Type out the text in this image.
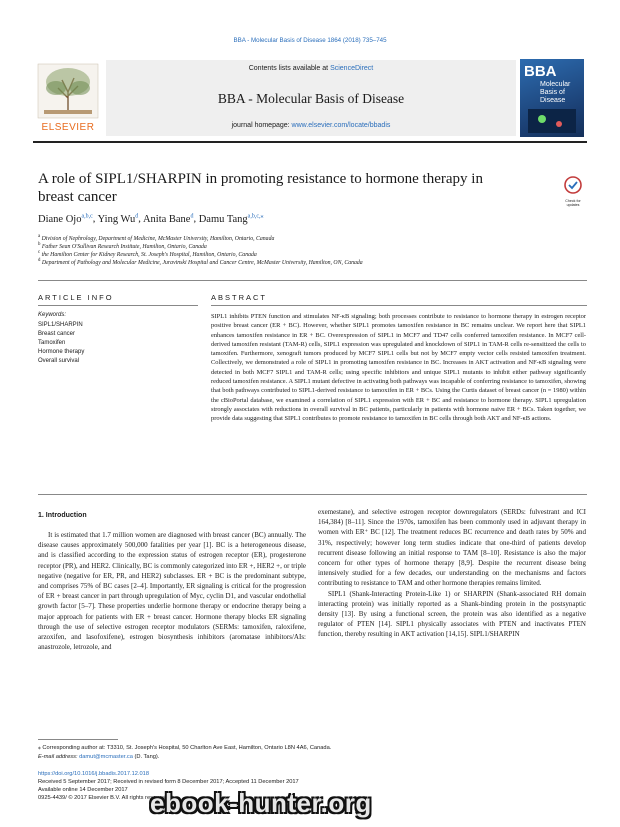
BBA - Molecular Basis of Disease 1864 (2018) 735–745
ELSEVIER
Contents lists available at ScienceDirect
BBA - Molecular Basis of Disease
journal homepage: www.elsevier.com/locate/bbadis
BBA
Molecular
Basis of
Disease
A role of SIPL1/SHARPIN in promoting resistance to hormone therapy in breast cancer	Check for updates
Diane Ojo$^{a,b,c}$, Ying Wu$^d$, Anita Bane$^d$, Damu Tang$^{a,b,c,⁎}$
$^a$ Division of Nephrology, Department of Medicine, McMaster University, Hamilton, Ontario, Canada
$^b$ Father Sean O'Sullivan Research Institute, Hamilton, Ontario, Canada
$^c$ the Hamilton Center for Kidney Research, St. Joseph's Hospital, Hamilton, Ontario, Canada
$^d$ Department of Pathology and Molecular Medicine, Juravinski Hospital and Cancer Centre, McMaster University, Hamilton, ON, Canada
ARTICLE INFO	ABSTRACT
Keywords:
SIPL1/SHARPIN
Breast cancer
Tamoxifen
Hormone therapy
Overall survival
SIPL1 inhibits PTEN function and stimulates NF-κB signaling; both processes contribute to resistance to hormone therapy in estrogen receptor positive breast cancer (ER + BC). However, whether SIPL1 promotes tamoxifen resistance in BC remains unclear. We report here that SIPL1 enhances tamoxifen resistance in ER + BC. Overexpression of SIPL1 in MCF7 and TD47 cells conferred tamoxifen resistance. In MCF7 cell-derived tamoxifen resistant (TAM-R) cells, SIPL1 expression was upregulated and knockdown of SIPL1 in TAM-R cells re-sensitized the cells to tamoxifen. Furthermore, xenograft tumors produced by MCF7 SIPL1 cells but not by MCF7 empty vector cells resisted tamoxifen treatment. Collectively, we demonstrated a role of SIPL1 in promoting tamoxifen resistance in BC. Increases in AKT activation and NF-κB signaling were detected in both MCF7 SIPL1 and TAM-R cells; using specific inhibitors and unique SIPL1 mutants to inhibit either pathway significantly reduced tamoxifen resistance. A SIPL1 mutant defective in activating both pathways was incapable of conferring resistance to tamoxifen, showing that both pathways contributed to SIPL1-derived resistance to tamoxifen in ER + BCs. Using the Curtis dataset of breast cancer (n = 1980) within the cBioPortal database, we examined a correlation of SIPL1 expression with ER + BC and resistance to hormone therapy. SIPL1 upregulation strongly associates with reductions in overall survival in BC patients, particularly in patients with hormone naive ER + BCs. Taken together, we provide data suggesting that SIPL1 contributes to promote resistance to tamoxifen in BC cells through both AKT and NF-κB actions.
1. Introduction

It is estimated that 1.7 million women are diagnosed with breast cancer (BC) annually. The disease causes approximately 500,000 fatalities per year [1]. BC is a heterogeneous disease, and is classified according to the expression status of estrogen receptor (ER), progesterone receptor (PR), and HER2. Clinically, BC is commonly categorized into ER +, HER2 +, or triple negative (negative for ER, PR, and HER2) subclasses. ER + BC is the predominant subtype, and comprises 75% of BC cases [2–4]. Importantly, ER signaling is critical for the progression of ER + breast cancer in part through upregulation of Myc, cyclin D1, and vascular endothelial growth factor [5–7]. These properties underlie hormone therapy or endocrine therapy being a major approach for patients with ER + breast cancer. Hormone therapy blocks ER signaling through the use of selective estrogen receptor modulators (SERMs: tamoxifen, raloxifene, arzoxifen, and lasofoxifene), estrogen biosynthesis inhibitors (aromatase inhibitors/AIs: anastrozole, letrozole, and

exemestane), and selective estrogen receptor downregulators (SERDs: fulvestrant and ICI 164,384) [8–11]. Since the 1970s, tamoxifen has been commonly used in adjuvant therapy in women with ER⁺ BC [12]. The treatment reduces BC recurrence and death rates by 50% and 31%, respectively; however long term studies indicate that one-third of patients develop recurrent disease following an initial response to TAM [8–10]. Resistance is also the major concern for other types of hormone therapy [8,9]. Despite the recurrent disease being intensively studied for a few decades, our understanding on the mechanisms and factors contributing to resistance to TAM and other hormone therapies remains limited.

SIPL1 (Shank-Interacting Protein-Like 1) or SHARPIN (Shank-associated RH domain interacting protein) was initially reported as a Shank-binding protein in the postsynaptic density [13]. By using a functional screen, the protein was also identified as a negative regulator of PTEN [14]. SIPL1 physically associates with PTEN and inactivates PTEN function, thereby resulting in AKT activation [14,15]. SIPL1/SHARPIN

⁎ Corresponding author at: T3310, St. Joseph's Hospital, 50 Charlton Ave East, Hamilton, Ontario L8N 4A6, Canada.
E-mail address: damut@mcmaster.ca (D. Tang).
https://doi.org/10.1016/j.bbadis.2017.12.018
Received 5 September 2017; Received in revised form 8 December 2017; Accepted 11 December 2017
Available online 14 December 2017
0925-4439/ © 2017 Elsevier B.V. All rights reserved.
ebook-hunter.org
